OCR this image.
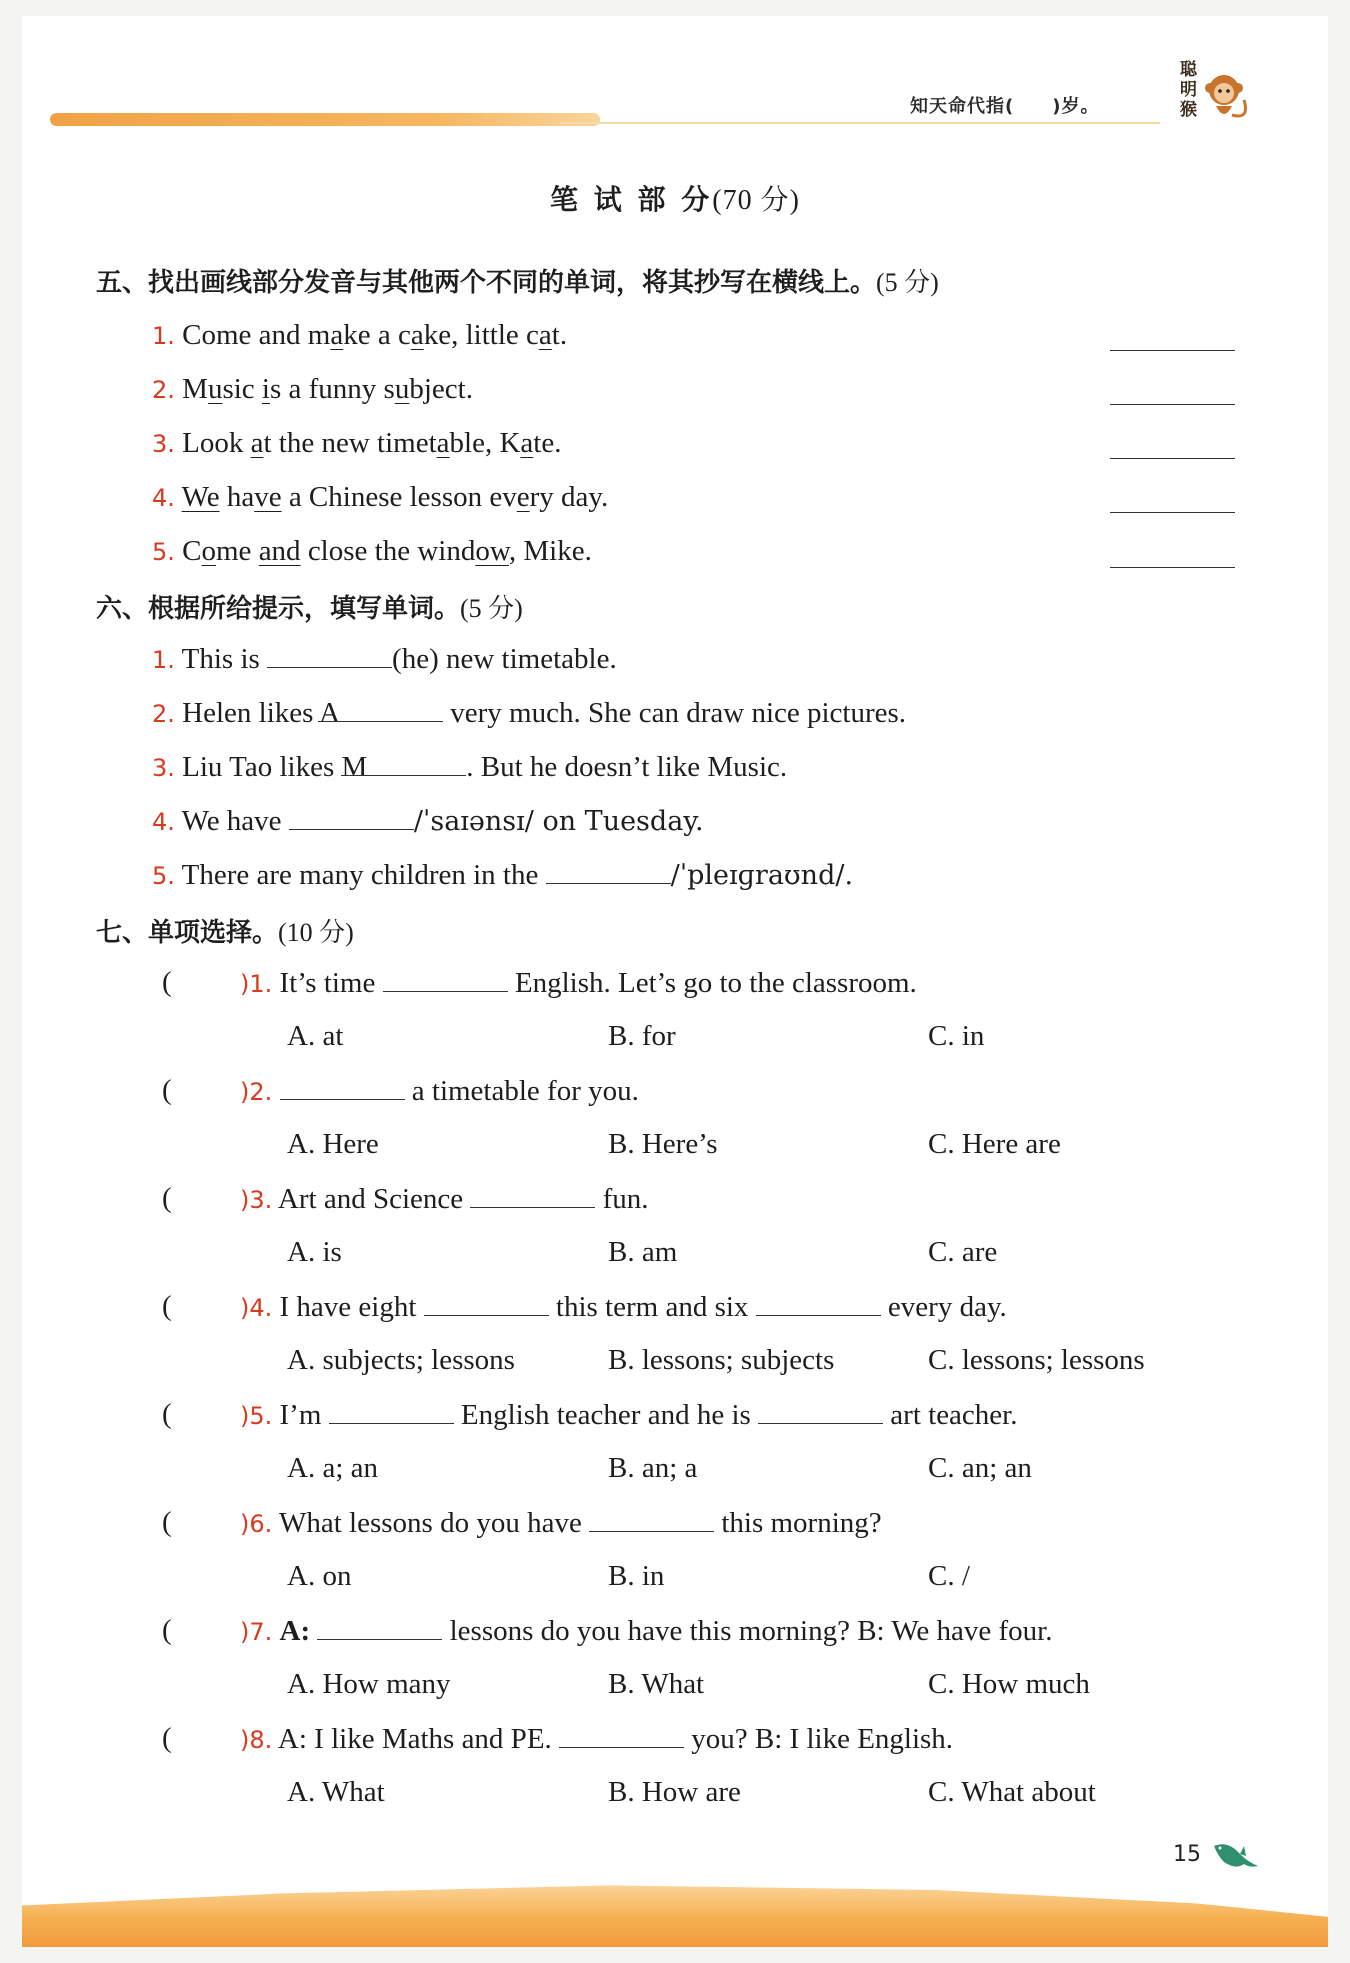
知天命代指(　　)岁。
聪明猴
笔 试 部 分(70 分)
五、找出画线部分发音与其他两个不同的单词，将其抄写在横线上。(5 分)
1. Come and make a cake, little cat.
2. Music is a funny subject.
3. Look at the new timetable, Kate.
4. We have a Chinese lesson every day.
5. Come and close the window, Mike.
六、根据所给提示，填写单词。(5 分)
1. This is	(he) new timetable.
2. Helen likes A	very much. She can draw nice pictures.
3. Liu Tao likes M	. But he doesn’t like Music.
4. We have	/ˈsaɪənsɪ/ on Tuesday.
5. There are many children in the	/ˈpleɪɡraʊnd/.
七、单项选择。(10 分)
(	)1. It’s time	English. Let’s go to the classroom.
A. at	B. for	C. in
(	)2.	a timetable for you.
A. Here	B. Here’s	C. Here are
(	)3. Art and Science	fun.
A. is	B. am	C. are
(	)4. I have eight	this term and six	every day.
A. subjects; lessons	B. lessons; subjects	C. lessons; lessons
(	)5. I’m	English teacher and he is	art teacher.
A. a; an	B. an; a	C. an; an
(	)6. What lessons do you have	this morning?
A. on	B. in	C. /
(	)7. A:	lessons do you have this morning? B: We have four.
A. How many	B. What	C. How much
(	)8. A: I like Maths and PE.	you? B: I like English.
A. What	B. How are	C. What about
15
